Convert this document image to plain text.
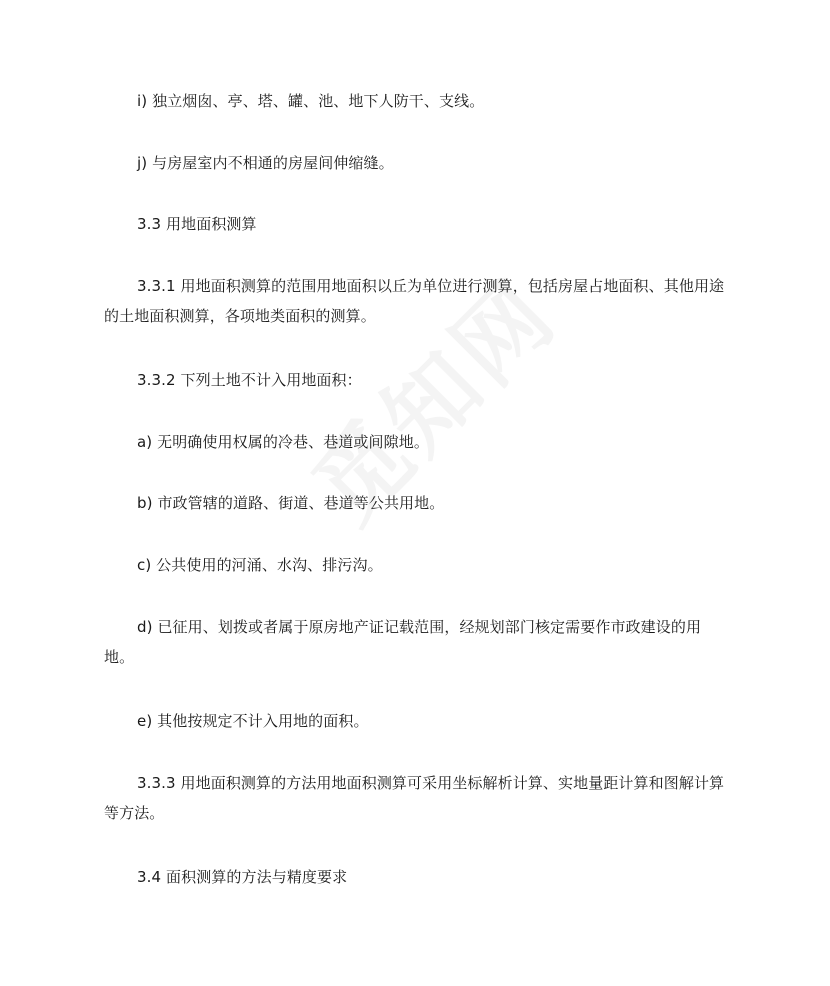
i) 独立烟囱、亭、塔、罐、池、地下人防干、支线。

j) 与房屋室内不相通的房屋间伸缩缝。

3.3 用地面积测算

3.3.1 用地面积测算的范围用地面积以丘为单位进行测算，包括房屋占地面积、其他用途的土地面积测算，各项地类面积的测算。

3.3.2 下列土地不计入用地面积：

a) 无明确使用权属的冷巷、巷道或间隙地。

b) 市政管辖的道路、街道、巷道等公共用地。

c) 公共使用的河涌、水沟、排污沟。

d) 已征用、划拨或者属于原房地产证记载范围，经规划部门核定需要作市政建设的用地。

e) 其他按规定不计入用地的面积。

3.3.3 用地面积测算的方法用地面积测算可采用坐标解析计算、实地量距计算和图解计算等方法。

3.4 面积测算的方法与精度要求
